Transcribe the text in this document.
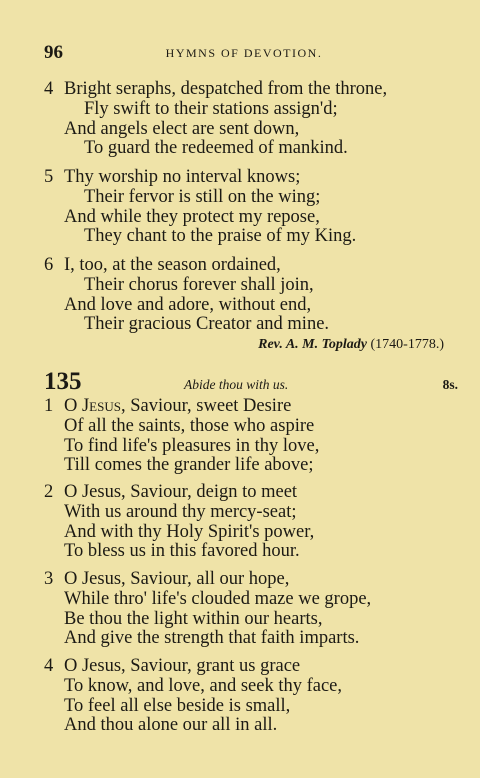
96	HYMNS OF DEVOTION.
4 Bright seraphs, despatched from the throne,
Fly swift to their stations assign'd;
And angels elect are sent down,
To guard the redeemed of mankind.
5 Thy worship no interval knows;
Their fervor is still on the wing;
And while they protect my repose,
They chant to the praise of my King.
6 I, too, at the season ordained,
Their chorus forever shall join,
And love and adore, without end,
Their gracious Creator and mine.
Rev. A. M. Toplady (1740-1778.)
135	Abide thou with us.	8s.
1 O Jesus, Saviour, sweet Desire
Of all the saints, those who aspire
To find life's pleasures in thy love,
Till comes the grander life above;
2 O Jesus, Saviour, deign to meet
With us around thy mercy-seat;
And with thy Holy Spirit's power,
To bless us in this favored hour.
3 O Jesus, Saviour, all our hope,
While thro' life's clouded maze we grope,
Be thou the light within our hearts,
And give the strength that faith imparts.
4 O Jesus, Saviour, grant us grace
To know, and love, and seek thy face,
To feel all else beside is small,
And thou alone our all in all.
